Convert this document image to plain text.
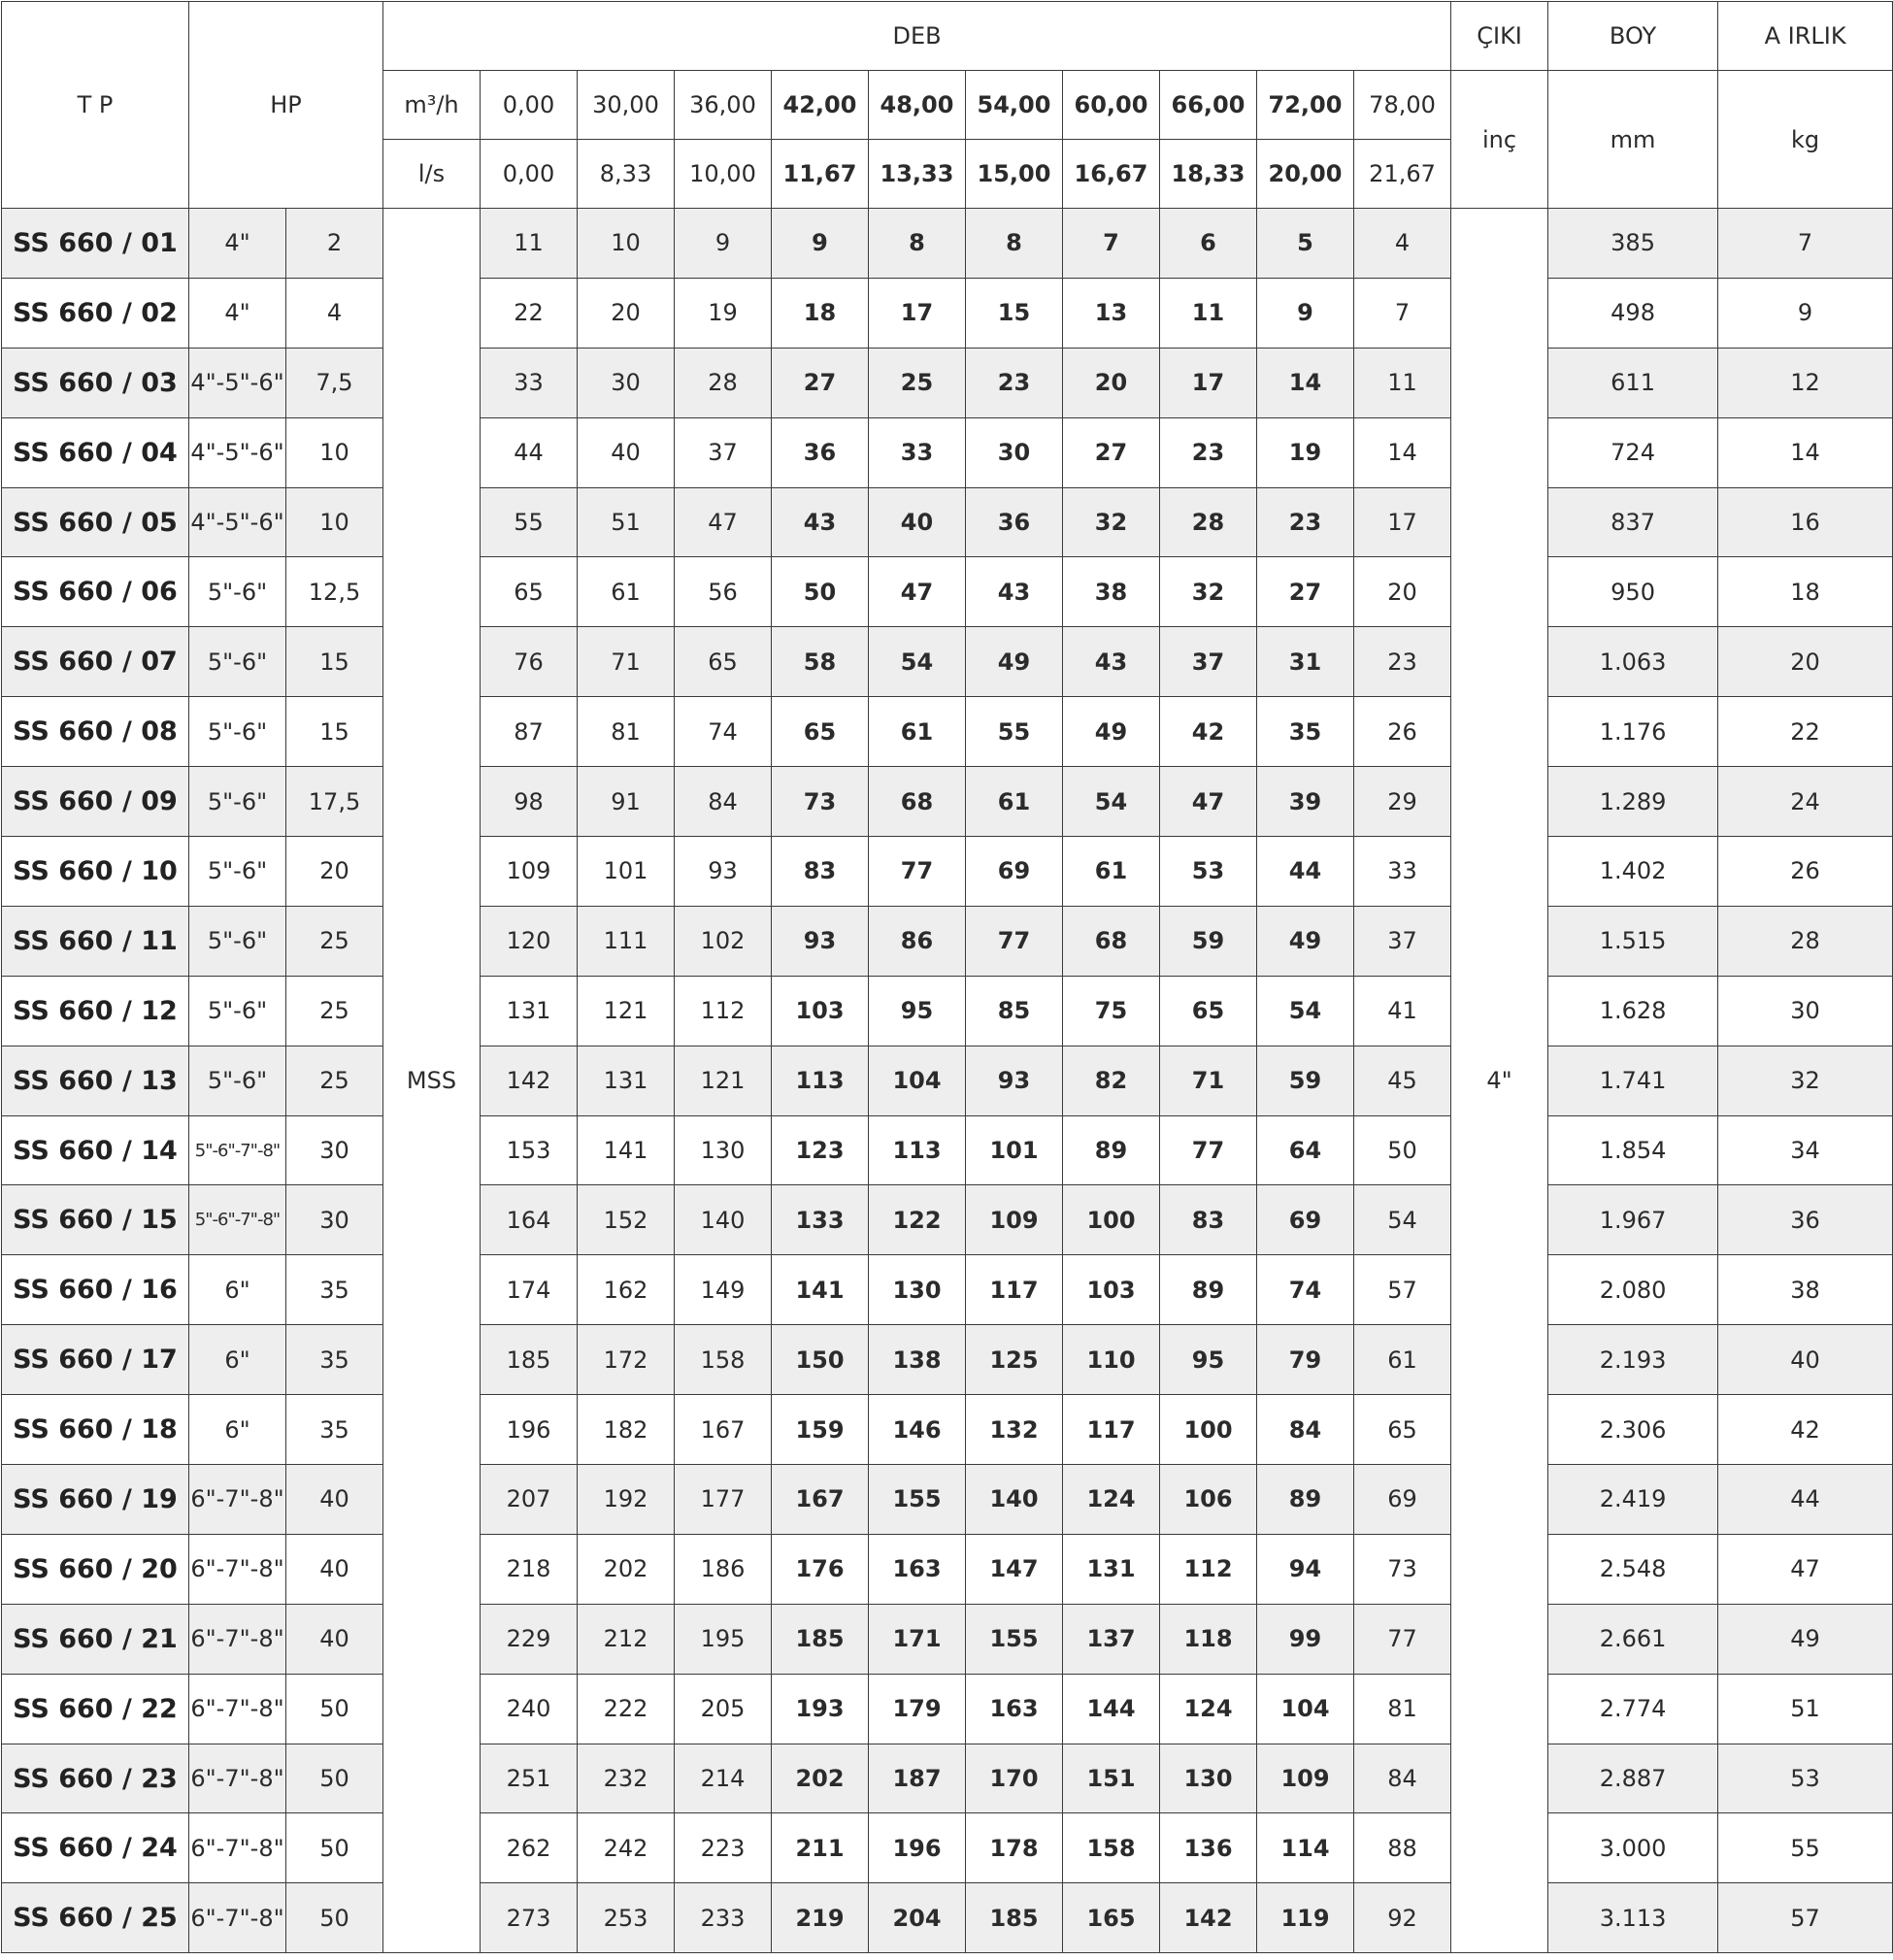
T P	HP		DEB											ÇIKI	BOY	A IRLIK
			m³/h	0,00	30,00	36,00	42,00	48,00	54,00	60,00	66,00	72,00	78,00	inç	mm	kg
			l/s	0,00	8,33	10,00	11,67	13,33	15,00	16,67	18,33	20,00	21,67			
SS 660 / 01	4"	2	MSS	11	10	9	9	8	8	7	6	5	4	4"	385	7
SS 660 / 02	4"	4		22	20	19	18	17	15	13	11	9	7		498	9
SS 660 / 03	4"-5"-6"	7,5		33	30	28	27	25	23	20	17	14	11		611	12
SS 660 / 04	4"-5"-6"	10		44	40	37	36	33	30	27	23	19	14		724	14
SS 660 / 05	4"-5"-6"	10		55	51	47	43	40	36	32	28	23	17		837	16
SS 660 / 06	5"-6"	12,5		65	61	56	50	47	43	38	32	27	20		950	18
SS 660 / 07	5"-6"	15		76	71	65	58	54	49	43	37	31	23		1.063	20
SS 660 / 08	5"-6"	15		87	81	74	65	61	55	49	42	35	26		1.176	22
SS 660 / 09	5"-6"	17,5		98	91	84	73	68	61	54	47	39	29		1.289	24
SS 660 / 10	5"-6"	20		109	101	93	83	77	69	61	53	44	33		1.402	26
SS 660 / 11	5"-6"	25		120	111	102	93	86	77	68	59	49	37		1.515	28
SS 660 / 12	5"-6"	25		131	121	112	103	95	85	75	65	54	41		1.628	30
SS 660 / 13	5"-6"	25		142	131	121	113	104	93	82	71	59	45		1.741	32
SS 660 / 14	5"-6"-7"-8"	30		153	141	130	123	113	101	89	77	64	50		1.854	34
SS 660 / 15	5"-6"-7"-8"	30		164	152	140	133	122	109	100	83	69	54		1.967	36
SS 660 / 16	6"	35		174	162	149	141	130	117	103	89	74	57		2.080	38
SS 660 / 17	6"	35		185	172	158	150	138	125	110	95	79	61		2.193	40
SS 660 / 18	6"	35		196	182	167	159	146	132	117	100	84	65		2.306	42
SS 660 / 19	6"-7"-8"	40		207	192	177	167	155	140	124	106	89	69		2.419	44
SS 660 / 20	6"-7"-8"	40		218	202	186	176	163	147	131	112	94	73		2.548	47
SS 660 / 21	6"-7"-8"	40		229	212	195	185	171	155	137	118	99	77		2.661	49
SS 660 / 22	6"-7"-8"	50		240	222	205	193	179	163	144	124	104	81		2.774	51
SS 660 / 23	6"-7"-8"	50		251	232	214	202	187	170	151	130	109	84		2.887	53
SS 660 / 24	6"-7"-8"	50		262	242	223	211	196	178	158	136	114	88		3.000	55
SS 660 / 25	6"-7"-8"	50		273	253	233	219	204	185	165	142	119	92		3.113	57
